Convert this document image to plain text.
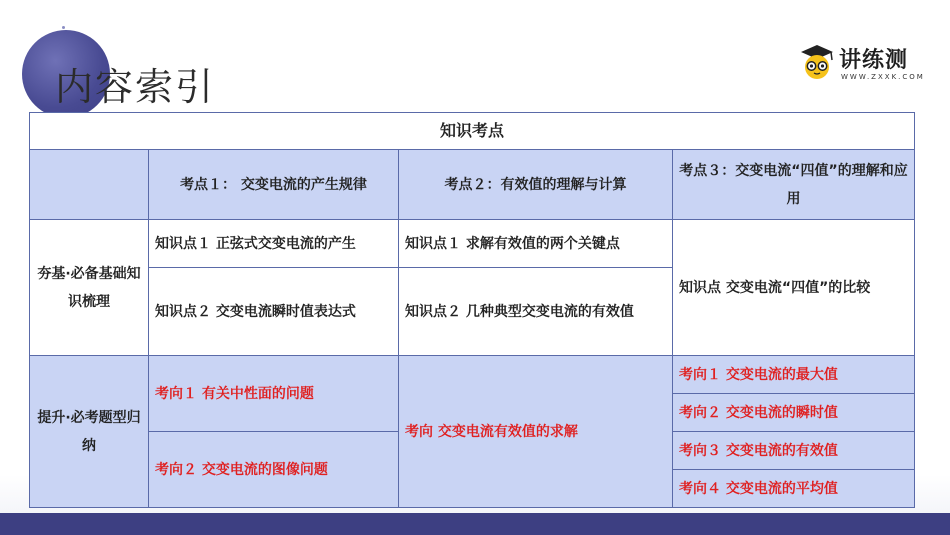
内容索引
讲练测
WWW.ZXXK.COM
知识考点			
	考点１： 交变电流的产生规律	考点２：有效值的理解与计算	考点３：交变电流“四值”的理解和应用
夯基·必备基础知识梳理	知识点１ 正弦式交变电流的产生	知识点１ 求解有效值的两个关键点	知识点 交变电流“四值”的比较
	知识点２ 交变电流瞬时值表达式	知识点２ 几种典型交变电流的有效值	
提升·必考题型归纳	考向１ 有关中性面的问题	考向 交变电流有效值的求解	考向１ 交变电流的最大值
			考向２ 交变电流的瞬时值
	考向２ 交变电流的图像问题		考向３ 交变电流的有效值
			考向４ 交变电流的平均值
